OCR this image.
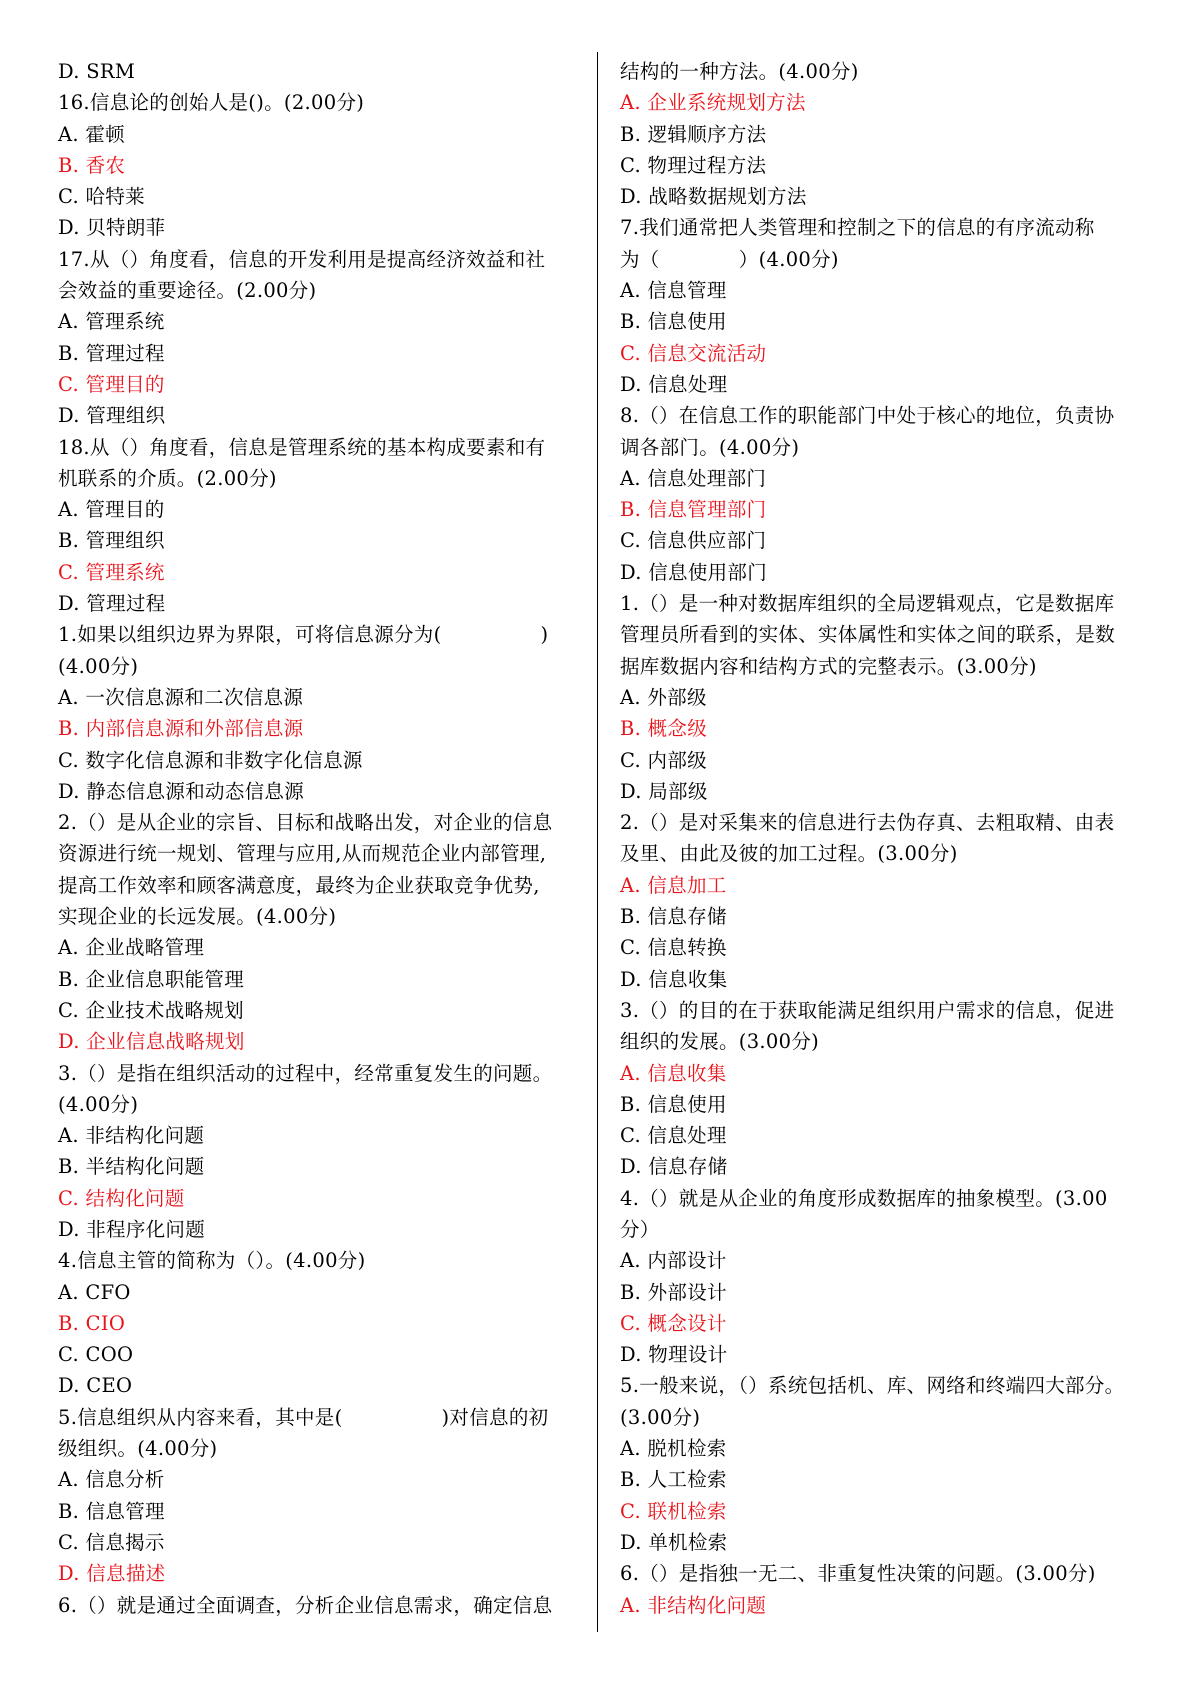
D. SRM
16.信息论的创始人是()。(2.00分)
A. 霍顿
B. 香农
C. 哈特莱
D. 贝特朗菲
17.从（）角度看，信息的开发利用是提高经济效益和社
会效益的重要途径。(2.00分)
A. 管理系统
B. 管理过程
C. 管理目的
D. 管理组织
18.从（）角度看，信息是管理系统的基本构成要素和有
机联系的介质。(2.00分)
A. 管理目的
B. 管理组织
C. 管理系统
D. 管理过程
1.如果以组织边界为界限，可将信息源分为(　　　　　)
(4.00分)
A. 一次信息源和二次信息源
B. 内部信息源和外部信息源
C. 数字化信息源和非数字化信息源
D. 静态信息源和动态信息源
2.（）是从企业的宗旨、目标和战略出发，对企业的信息
资源进行统一规划、管理与应用,从而规范企业内部管理,
提高工作效率和顾客满意度，最终为企业获取竞争优势,
实现企业的长远发展。(4.00分)
A. 企业战略管理
B. 企业信息职能管理
C. 企业技术战略规划
D. 企业信息战略规划
3.（）是指在组织活动的过程中，经常重复发生的问题。
(4.00分)
A. 非结构化问题
B. 半结构化问题
C. 结构化问题
D. 非程序化问题
4.信息主管的简称为（）。(4.00分)
A. CFO
B. CIO
C. COO
D. CEO
5.信息组织从内容来看，其中是(　　　　　)对信息的初
级组织。(4.00分)
A. 信息分析
B. 信息管理
C. 信息揭示
D. 信息描述
6.（）就是通过全面调查，分析企业信息需求，确定信息
结构的一种方法。(4.00分)
A. 企业系统规划方法
B. 逻辑顺序方法
C. 物理过程方法
D. 战略数据规划方法
7.我们通常把人类管理和控制之下的信息的有序流动称
为（　　　　）(4.00分)
A. 信息管理
B. 信息使用
C. 信息交流活动
D. 信息处理
8.（）在信息工作的职能部门中处于核心的地位，负责协
调各部门。(4.00分)
A. 信息处理部门
B. 信息管理部门
C. 信息供应部门
D. 信息使用部门
1.（）是一种对数据库组织的全局逻辑观点，它是数据库
管理员所看到的实体、实体属性和实体之间的联系，是数
据库数据内容和结构方式的完整表示。(3.00分)
A. 外部级
B. 概念级
C. 内部级
D. 局部级
2.（）是对采集来的信息进行去伪存真、去粗取精、由表
及里、由此及彼的加工过程。(3.00分)
A. 信息加工
B. 信息存储
C. 信息转换
D. 信息收集
3.（）的目的在于获取能满足组织用户需求的信息，促进
组织的发展。(3.00分)
A. 信息收集
B. 信息使用
C. 信息处理
D. 信息存储
4.（）就是从企业的角度形成数据库的抽象模型。(3.00
分）
A. 内部设计
B. 外部设计
C. 概念设计
D. 物理设计
5.一般来说，（）系统包括机、库、网络和终端四大部分。
(3.00分)
A. 脱机检索
B. 人工检索
C. 联机检索
D. 单机检索
6.（）是指独一无二、非重复性决策的问题。(3.00分)
A. 非结构化问题
